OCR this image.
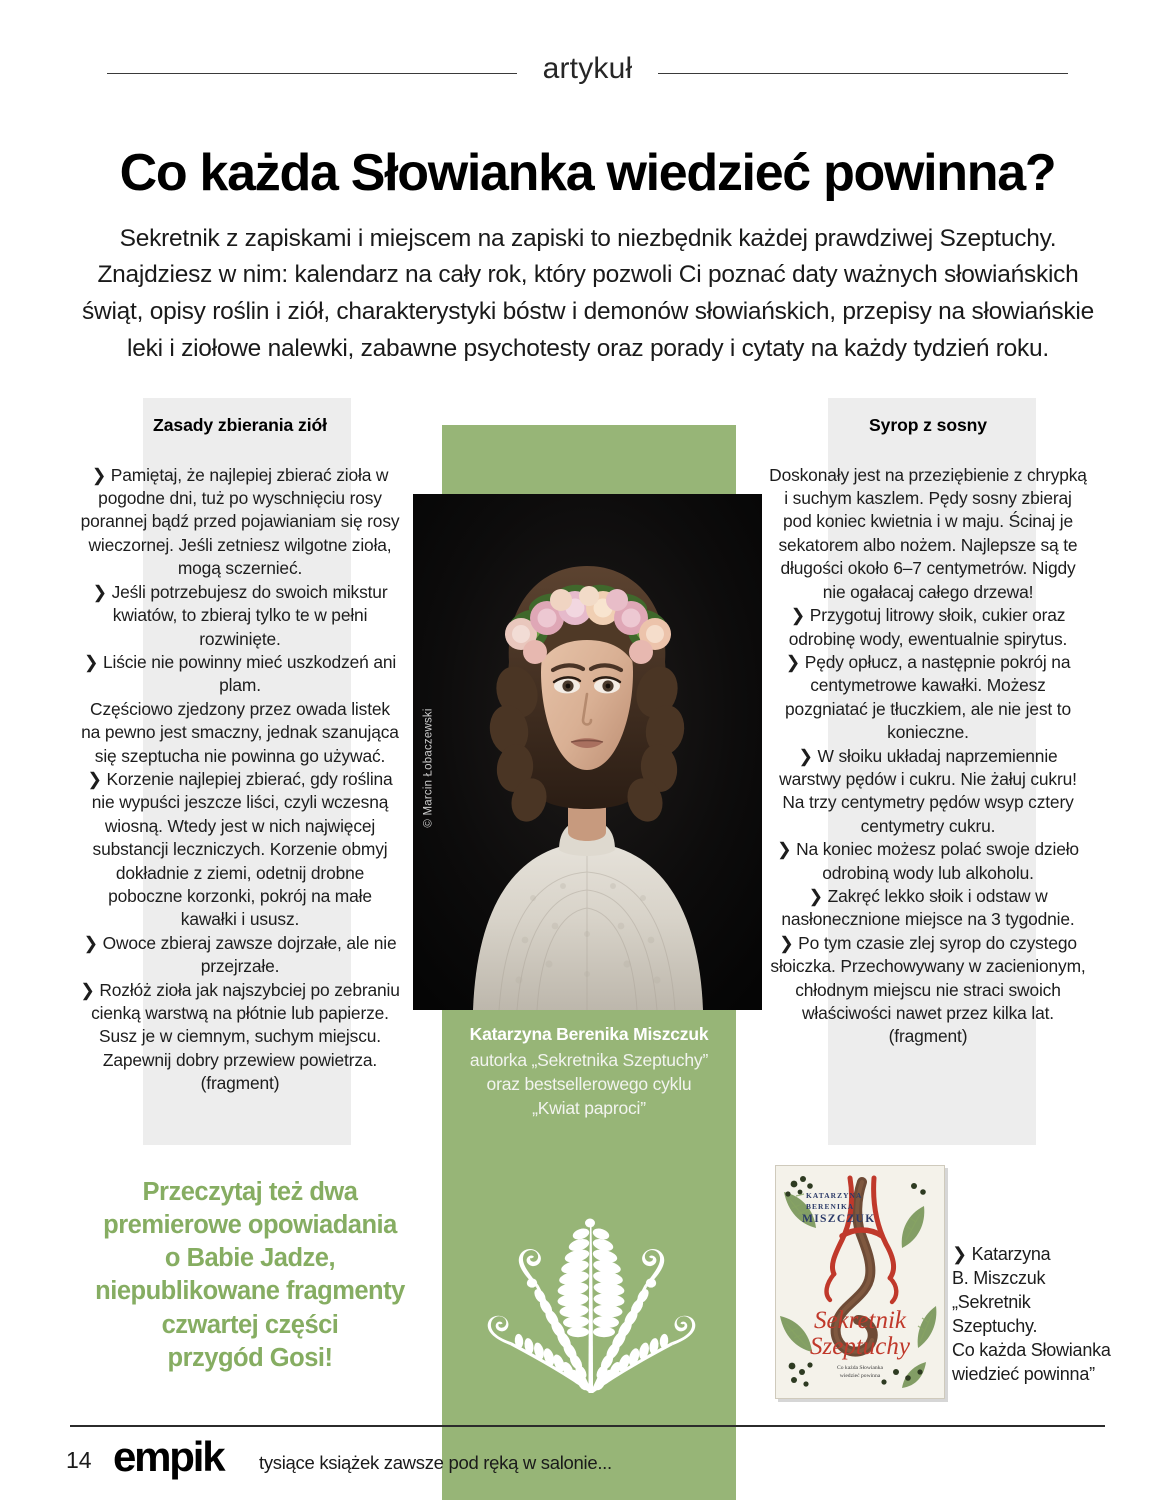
artykuł
Co każda Słowianka wiedzieć powinna?

Sekretnik z zapiskami i miejscem na zapiski to niezbędnik każdej prawdziwej Szeptuchy. Znajdziesz w nim: kalendarz na cały rok, który pozwoli Ci poznać daty ważnych słowiańskich świąt, opisy roślin i ziół, charakterystyki bóstw i demonów słowiańskich, przepisy na słowiańskie leki i ziołowe nalewki, zabawne psychotesty oraz porady i cytaty na każdy tydzień roku.

© Marcin Łobaczewski
Katarzyna Berenika Miszczuk
autorka „Sekretnika Szeptuchy”
oraz bestsellerowego cyklu
„Kwiat paproci”
Zasady zbierania ziół

❯ Pamiętaj, że najlepiej zbierać zioła w pogodne dni, tuż po wyschnięciu rosy porannej bądź przed pojawianiam się rosy wieczornej. Jeśli zetniesz wilgotne zioła, mogą sczernieć.

❯ Jeśli potrzebujesz do swoich mikstur kwiatów, to zbieraj tylko te w pełni rozwinięte.

❯ Liście nie powinny mieć uszkodzeń ani plam.

Częściowo zjedzony przez owada listek na pewno jest smaczny, jednak szanująca się szeptucha nie powinna go używać.

❯ Korzenie najlepiej zbierać, gdy roślina nie wypuści jeszcze liści, czyli wczesną wiosną. Wtedy jest w nich najwięcej substancji leczniczych. Korzenie obmyj dokładnie z ziemi, odetnij drobne poboczne korzonki, pokrój na małe kawałki i ususz.

❯ Owoce zbieraj zawsze dojrzałe, ale nie przejrzałe.

❯ Rozłóż zioła jak najszybciej po zebraniu cienką warstwą na płótnie lub papierze.

Susz je w ciemnym, suchym miejscu. Zapewnij dobry przewiew powietrza.

(fragment)

Syrop z sosny

Doskonały jest na przeziębienie z chrypką i suchym kaszlem. Pędy sosny zbieraj pod koniec kwietnia i w maju. Ścinaj je sekatorem albo nożem. Najlepsze są te długości około 6–7 centymetrów. Nigdy nie ogałacaj całego drzewa!

❯ Przygotuj litrowy słoik, cukier oraz odrobinę wody, ewentualnie spirytus.

❯ Pędy opłucz, a następnie pokrój na centymetrowe kawałki. Możesz pozgniatać je tłuczkiem, ale nie jest to konieczne.

❯ W słoiku układaj naprzemiennie warstwy pędów i cukru. Nie żałuj cukru! Na trzy centymetry pędów wsyp cztery centymetry cukru.

❯ Na koniec możesz polać swoje dzieło odrobiną wody lub alkoholu.

❯ Zakręć lekko słoik i odstaw w nasłonecznione miejsce na 3 tygodnie.

❯ Po tym czasie zlej syrop do czystego słoiczka. Przechowywany w zacienionym, chłodnym miejscu nie straci swoich właściwości nawet przez kilka lat.

(fragment)

Przeczytaj też dwa
premierowe opowiadania
o Babie Jadze,
niepublikowane fragmenty
czwartej części
przygód Gosi!
KATARZYNA
BERENIKA
MISZCZUK
Sekretnik
Szeptuchy
Co każda Słowianka
wiedzieć powinna
❯ Katarzyna
B. Miszczuk
„Sekretnik
Szeptuchy.
Co każda Słowianka
wiedzieć powinna”
14 empik tysiące książek zawsze pod ręką w salonie...
